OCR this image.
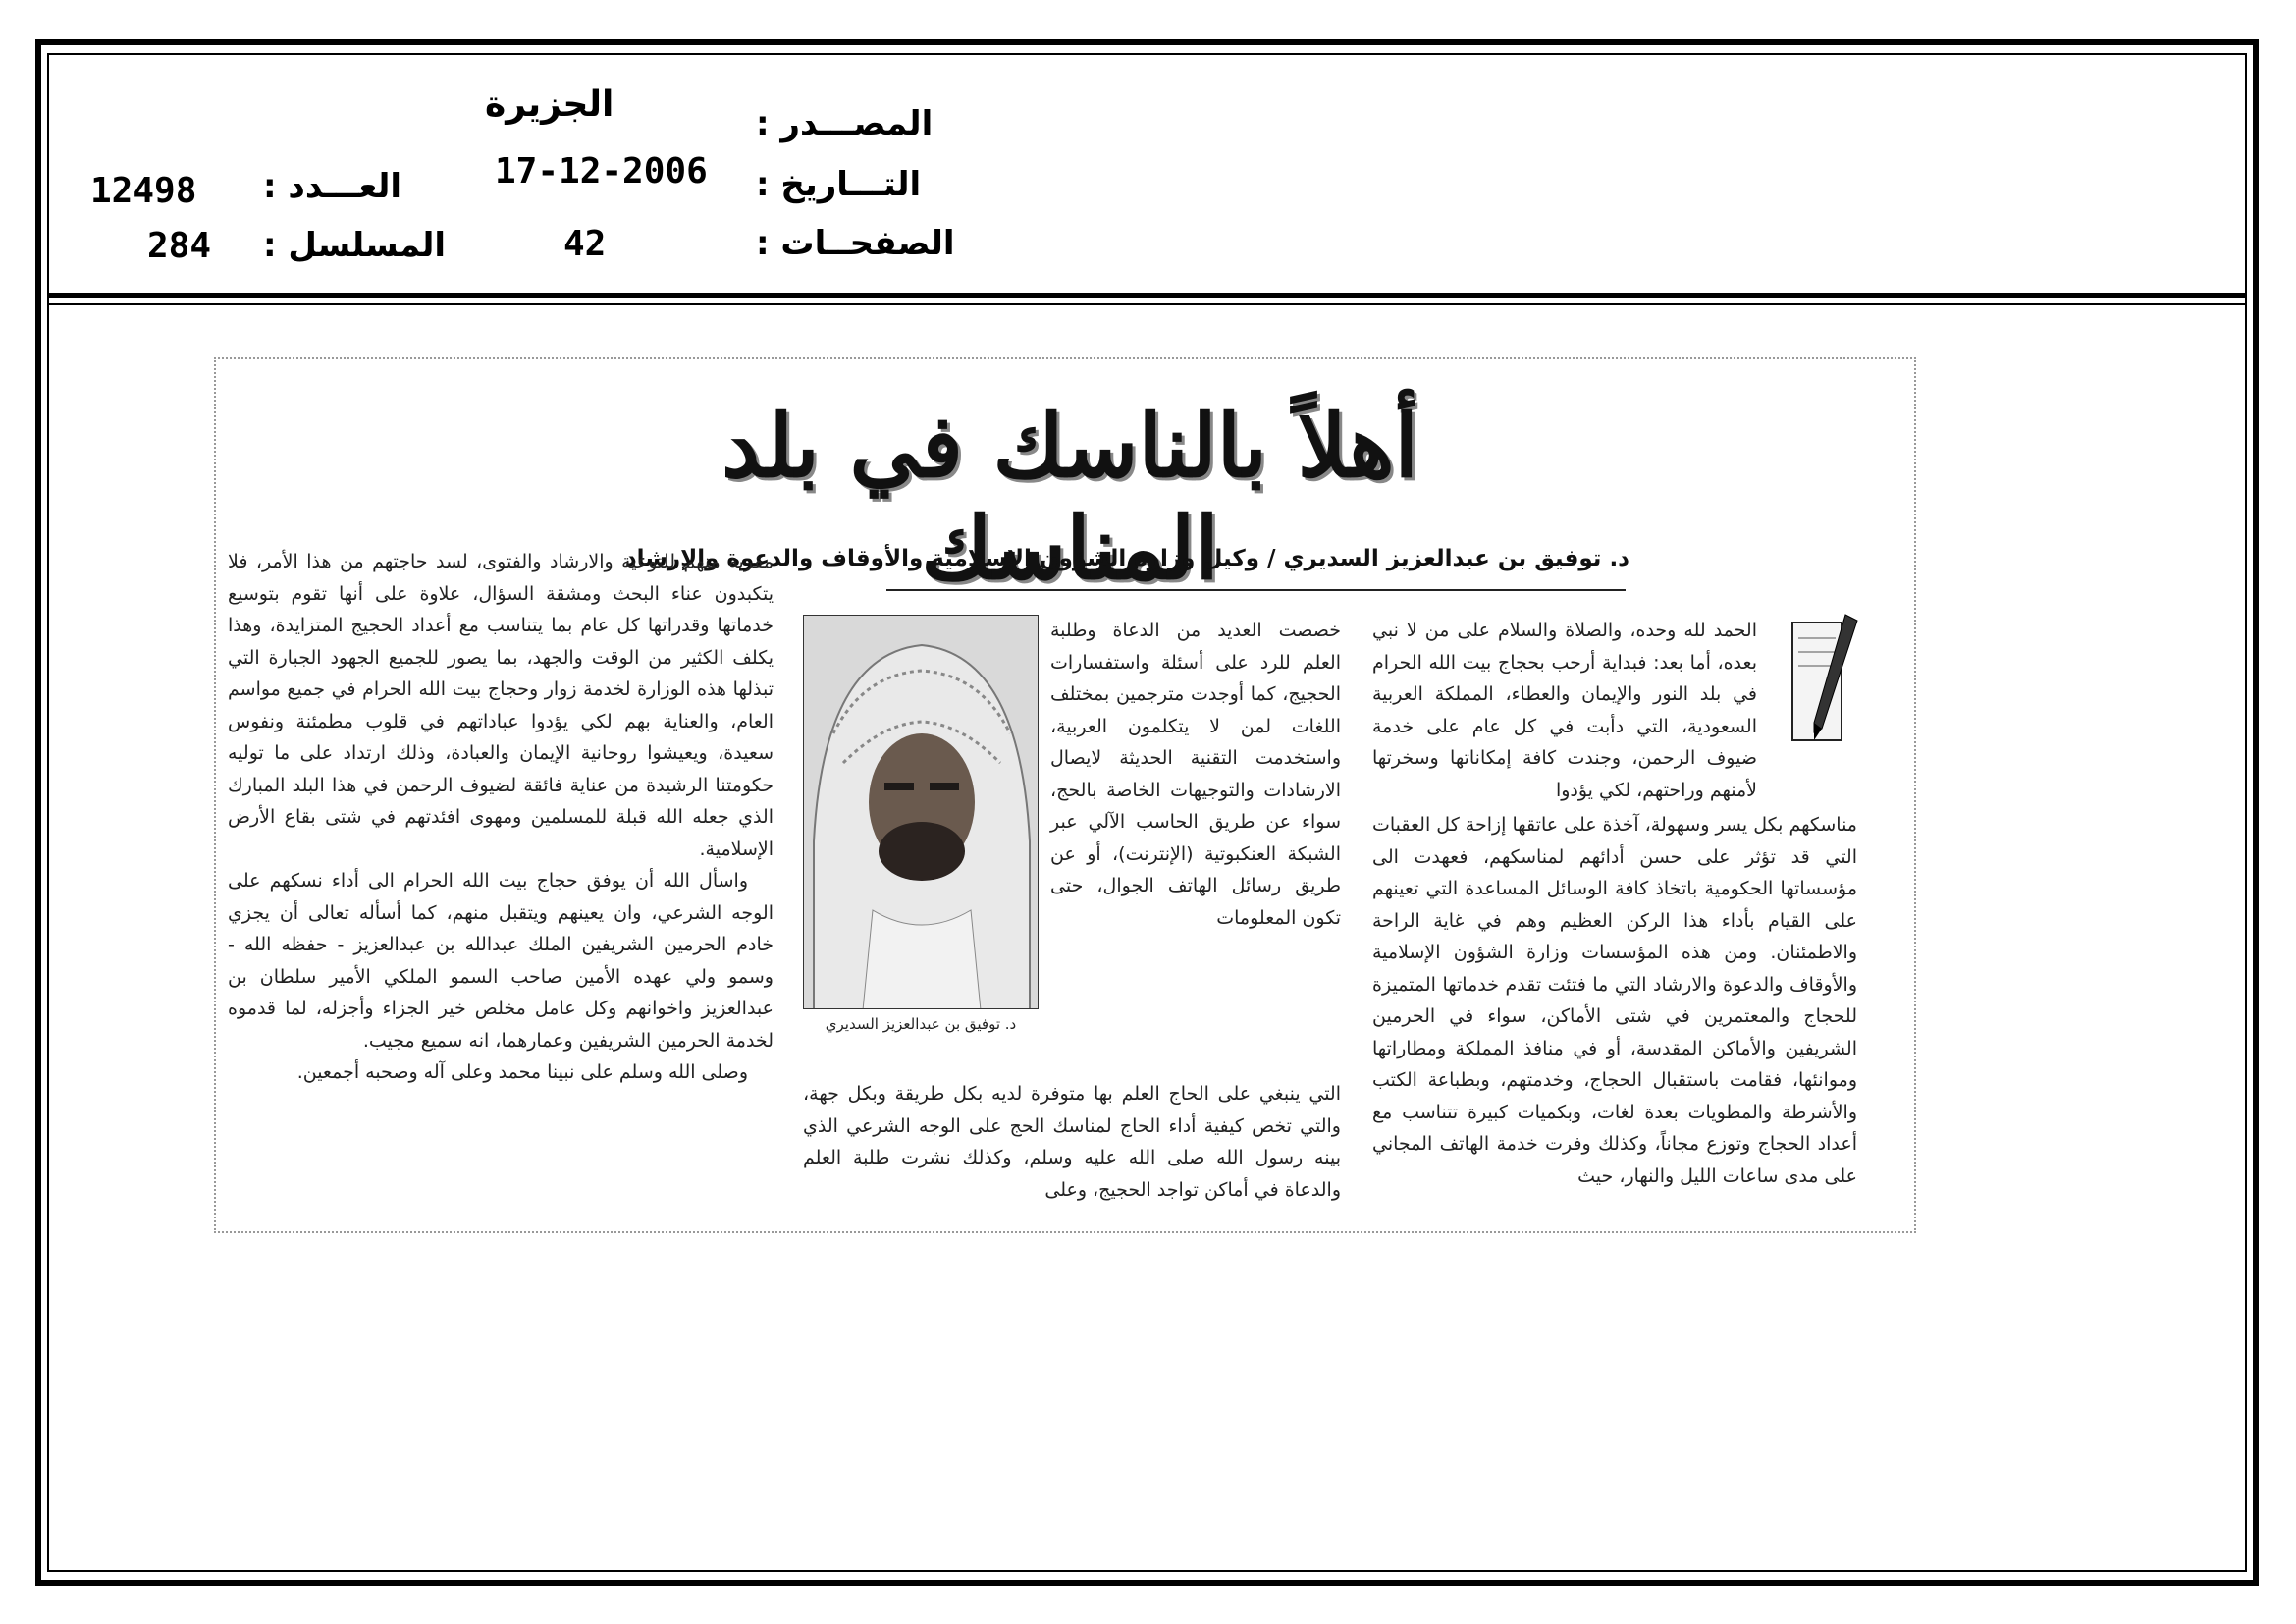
المصـــدر :
الجزيرة
التـــاريخ :
17-12-2006
الصفحــات :
42
العـــدد :
12498
المسلسل :
284
أهلاً بالناسك في بلد المناسك
د. توفيق بن عبدالعزيز السديري / وكيل وزارة الشؤون الإسلامية والأوقاف والدعوة والإرشاد

الحمد لله وحده، والصلاة والسلام على من لا نبي بعده، أما بعد: فبداية أرحب بحجاج بيت الله الحرام في بلد النور والإيمان والعطاء، المملكة العربية السعودية، التي دأبت في كل عام على خدمة ضيوف الرحمن، وجندت كافة إمكاناتها وسخرتها لأمنهم وراحتهم، لكي يؤدوا

مناسكهم بكل يسر وسهولة، آخذة على عاتقها إزاحة كل العقبات التي قد تؤثر على حسن أدائهم لمناسكهم، فعهدت الى مؤسساتها الحكومية باتخاذ كافة الوسائل المساعدة التي تعينهم على القيام بأداء هذا الركن العظيم وهم في غاية الراحة والاطمئنان. ومن هذه المؤسسات وزارة الشؤون الإسلامية والأوقاف والدعوة والارشاد التي ما فتئت تقدم خدماتها المتميزة للحجاج والمعتمرين في شتى الأماكن، سواء في الحرمين الشريفين والأماكن المقدسة، أو في منافذ المملكة ومطاراتها وموانئها، فقامت باستقبال الحجاج، وخدمتهم، وبطباعة الكتب والأشرطة والمطويات بعدة لغات، وبكميات كبيرة تتناسب مع أعداد الحجاج وتوزع مجاناً، وكذلك وفرت خدمة الهاتف المجاني على مدى ساعات الليل والنهار، حيث

خصصت العديد من الدعاة وطلبة العلم للرد على أسئلة واستفسارات الحجيج، كما أوجدت مترجمين بمختلف اللغات لمن لا يتكلمون العربية، واستخدمت التقنية الحديثة لايصال الارشادات والتوجيهات الخاصة بالحج، سواء عن طريق الحاسب الآلي عبر الشبكة العنكبوتية (الإنترنت)، أو عن طريق رسائل الهاتف الجوال، حتى تكون المعلومات

د. توفيق بن عبدالعزيز السديري

التي ينبغي على الحاج العلم بها متوفرة لديه بكل طريقة وبكل جهة، والتي تخص كيفية أداء الحاج لمناسك الحج على الوجه الشرعي الذي بينه رسول الله صلى الله عليه وسلم، وكذلك نشرت طلبة العلم والدعاة في أماكن تواجد الحجيج، وعلى

مقربة منهم للتوعية والارشاد والفتوى، لسد حاجتهم من هذا الأمر، فلا يتكبدون عناء البحث ومشقة السؤال، علاوة على أنها تقوم بتوسيع خدماتها وقدراتها كل عام بما يتناسب مع أعداد الحجيج المتزايدة، وهذا يكلف الكثير من الوقت والجهد، بما يصور للجميع الجهود الجبارة التي تبذلها هذه الوزارة لخدمة زوار وحجاج بيت الله الحرام في جميع مواسم العام، والعناية بهم لكي يؤدوا عباداتهم في قلوب مطمئنة ونفوس سعيدة، ويعيشوا روحانية الإيمان والعبادة، وذلك ارتداد على ما توليه حكومتنا الرشيدة من عناية فائقة لضيوف الرحمن في هذا البلد المبارك الذي جعله الله قبلة للمسلمين ومهوى افئدتهم في شتى بقاع الأرض الإسلامية.

واسأل الله أن يوفق حجاج بيت الله الحرام الى أداء نسكهم على الوجه الشرعي، وان يعينهم ويتقبل منهم، كما أسأله تعالى أن يجزي خادم الحرمين الشريفين الملك عبدالله بن عبدالعزيز - حفظه الله - وسمو ولي عهده الأمين صاحب السمو الملكي الأمير سلطان بن عبدالعزيز واخوانهم وكل عامل مخلص خير الجزاء وأجزله، لما قدموه لخدمة الحرمين الشريفين وعمارهما، انه سميع مجيب.

وصلى الله وسلم على نبينا محمد وعلى آله وصحبه أجمعين.
